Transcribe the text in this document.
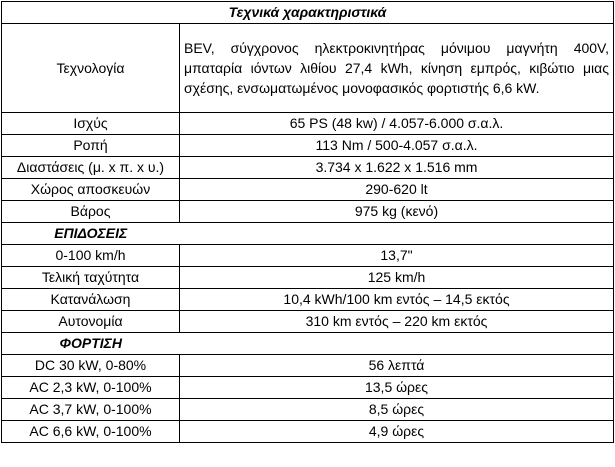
Τεχνικά χαρακτηριστικά	
Τεχνολογία	BEV, σύγχρονος ηλεκτροκινητήρας μόνιμου μαγνήτη 400V, μπαταρία ιόντων λιθίου 27,4 kWh, κίνηση εμπρός, κιβώτιο μιας σχέσης, ενσωματωμένος μονοφασικός φορτιστής 6,6 kW.
Ισχύς	65 PS (48 kw) / 4.057-6.000 σ.α.λ.
Ροπή	113 Nm / 500-4.057 σ.α.λ.
Διαστάσεις (μ. x π. x υ.)	3.734 x 1.622 x 1.516 mm
Χώρος αποσκευών	290-620 lt
Βάρος	975 kg (κενό)
ΕΠΙΔΟΣΕΙΣ	
0-100 km/h	13,7"
Τελική ταχύτητα	125 km/h
Κατανάλωση	10,4 kWh/100 km εντός – 14,5 εκτός
Αυτονομία	310 km εντός – 220 km εκτός
ΦΟΡΤΙΣΗ	
DC 30 kW, 0-80%	56 λεπτά
AC 2,3 kW, 0-100%	13,5 ώρες
AC 3,7 kW, 0-100%	8,5 ώρες
AC 6,6 kW, 0-100%	4,9 ώρες
